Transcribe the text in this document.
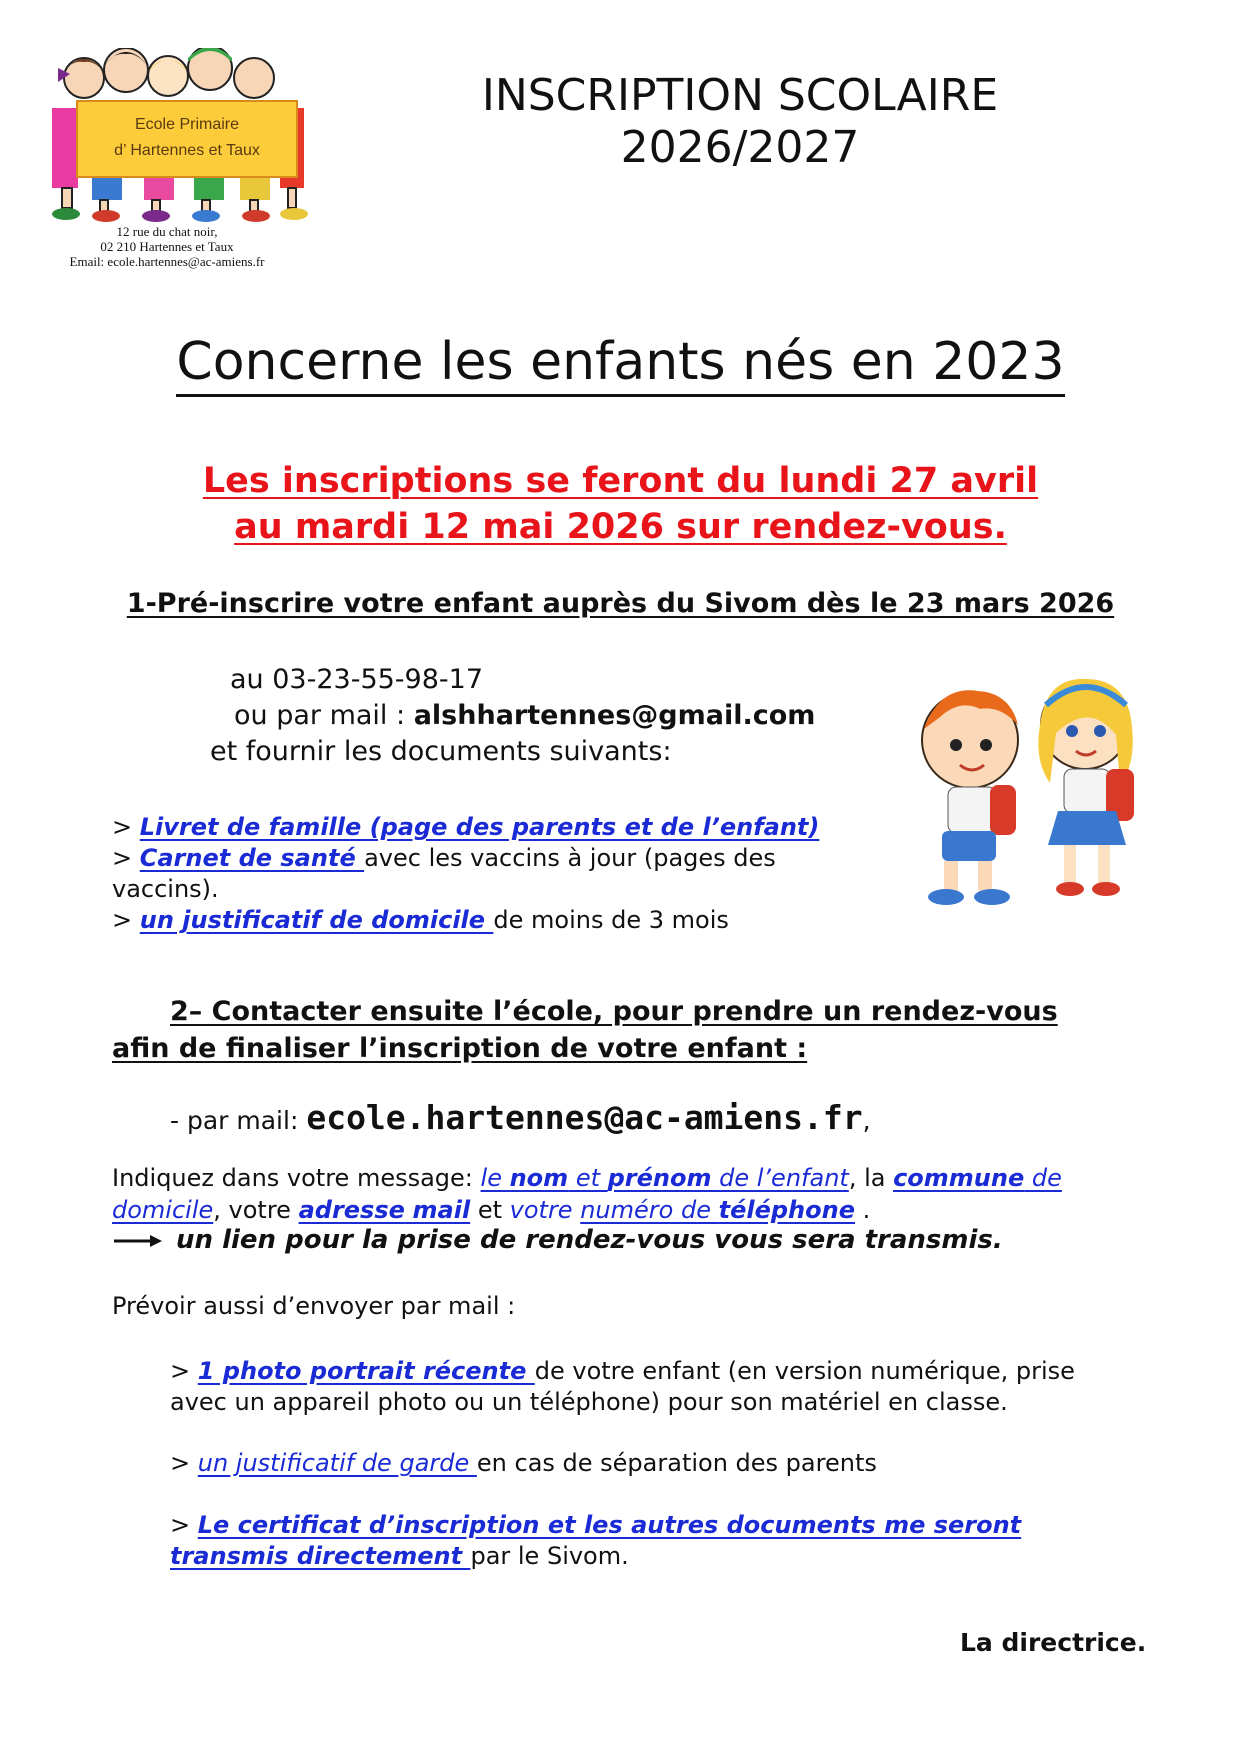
Ecole Primaire
d’ Hartennes et Taux
12 rue du chat noir,
02 210 Hartennes et Taux
Email: ecole.hartennes@ac-amiens.fr
INSCRIPTION SCOLAIRE
2026/2027
Concerne les enfants nés en 2023
Les inscriptions se feront du lundi 27 avril
au mardi 12 mai 2026 sur rendez-vous.
1-Pré-inscrire votre enfant auprès du Sivom dès le 23 mars 2026
au 03-23-55-98-17
ou par mail : alshhartennes@gmail.com
et fournir les documents suivants:
> Livret de famille (page des parents et de l’enfant)
> Carnet de santé avec les vaccins à jour (pages des
vaccins).
> un justificatif de domicile de moins de 3 mois
2– Contacter ensuite l’école, pour prendre un rendez-vous
afin de finaliser l’inscription de votre enfant :
- par mail: ecole.hartennes@ac-amiens.fr,
Indiquez dans votre message: le nom et prénom de l’enfant, la commune de
domicile, votre adresse mail et votre numéro de téléphone .
un lien pour la prise de rendez-vous vous sera transmis.
Prévoir aussi d’envoyer par mail :
> 1 photo portrait récente de votre enfant (en version numérique, prise
avec un appareil photo ou un téléphone) pour son matériel en classe.
> un justificatif de garde en cas de séparation des parents
> Le certificat d’inscription et les autres documents me seront
transmis directement par le Sivom.
La directrice.
